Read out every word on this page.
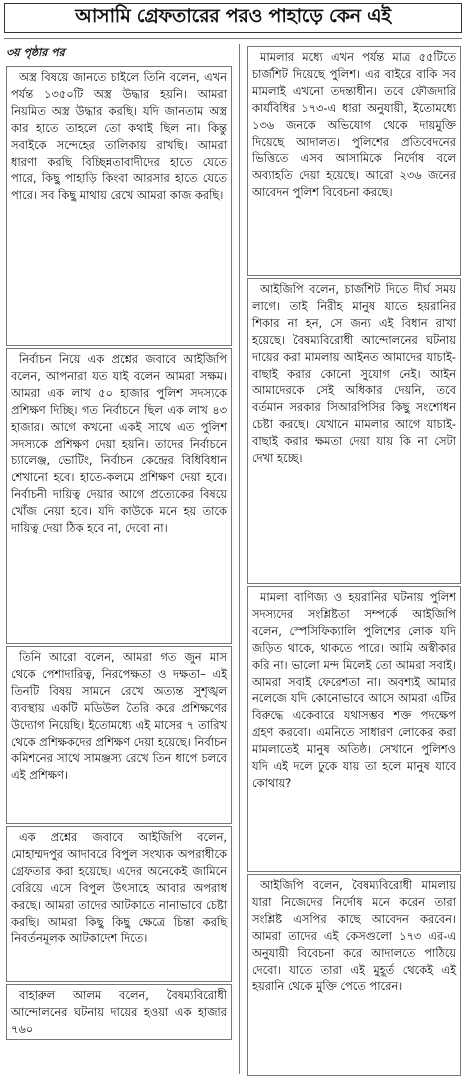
আসামি গ্রেফতারের পরও পাহাড়ে কেন এই

৩য় পৃষ্ঠার পর

অস্ত্র বিষয়ে জানতে চাইলে তিনি বলেন, এখন পর্যন্ত ১৩৫০টি অস্ত্র উদ্ধার হয়নি। আমরা নিয়মিত অস্ত্র উদ্ধার করছি। যদি জানতাম অস্ত্র কার হাতে তাহলে তো কথাই ছিল না। কিন্তু সবাইকে সন্দেহের তালিকায় রাখছি। আমরা ধারণা করছি বিচ্ছিন্নতাবাদীদের হাতে যেতে পারে, কিছু পাহাড়ি কিংবা আরসার হাতে যেতে পারে। সব কিছু মাথায় রেখে আমরা কাজ করছি।

নির্বাচন নিয়ে এক প্রশ্নের জবাবে আইজিপি বলেন, আপনারা যত যাই বলেন আমরা সক্ষম। আমরা এক লাখ ৫০ হাজার পুলিশ সদস্যকে প্রশিক্ষণ দিচ্ছি। গত নির্বাচনে ছিল এক লাখ ৪৩ হাজার। আগে কখনো একই সাথে এত পুলিশ সদস্যকে প্রশিক্ষণ দেয়া হয়নি। তাদের নির্বাচনে চ্যালেঞ্জ, ভোটিং, নির্বাচন কেন্দ্রের বিধিবিধান শেখানো হবে। হাতে-কলমে প্রশিক্ষণ দেয়া হবে। নির্বাচনী দায়িত্ব দেয়ার আগে প্রত্যেকের বিষয়ে খোঁজ নেয়া হবে। যদি কাউকে মনে হয় তাকে দায়িত্ব দেয়া ঠিক হবে না, দেবো না।

তিনি আরো বলেন, আমরা গত জুন মাস থেকে পেশাদারিত্ব, নিরপেক্ষতা ও দক্ষতা– এই তিনটি বিষয় সামনে রেখে অত্যন্ত সুশৃঙ্খল ব্যবস্থায় একটি মডিউল তৈরি করে প্রশিক্ষণের উদ্যোগ নিয়েছি। ইতোমধ্যে এই মাসের ৭ তারিখ থেকে প্রশিক্ষকদের প্রশিক্ষণ দেয়া হয়েছে। নির্বাচন কমিশনের সাথে সামঞ্জস্য রেখে তিন ধাপে চলবে এই প্রশিক্ষণ।

এক প্রশ্নের জবাবে আইজিপি বলেন, মোহাম্মদপুর আদাবরে বিপুল সংখ্যক অপরাধীকে গ্রেফতার করা হয়েছে। এদের অনেকেই জামিনে বেরিয়ে এসে বিপুল উৎসাহে আবার অপরাধ করছে। আমরা তাদের আটকাতে নানাভাবে চেষ্টা করছি। আমরা কিছু কিছু ক্ষেত্রে চিন্তা করছি নিবর্তনমূলক আটকাদেশ দিতে।

বাহারুল আলম বলেন, বৈষম্যবিরোধী আন্দোলনের ঘটনায় দায়ের হওয়া এক হাজার ৭৬০

মামলার মধ্যে এখন পর্যন্ত মাত্র ৫৫টিতে চার্জশিট দিয়েছে পুলিশ। এর বাইরে বাকি সব মামলাই এখনো তদন্তাধীন। তবে ফৌজদারি কার্যবিধির ১৭৩-এ ধারা অনুযায়ী, ইতোমধ্যে ১৩৬ জনকে অভিযোগ থেকে দায়মুক্তি দিয়েছে আদালত। পুলিশের প্রতিবেদনের ভিত্তিতে এসব আসামিকে নির্দোষ বলে অব্যাহতি দেয়া হয়েছে। আরো ২৩৬ জনের আবেদন পুলিশ বিবেচনা করছে।

আইজিপি বলেন, চার্জশিট দিতে দীর্ঘ সময় লাগে। তাই নিরীহ মানুষ যাতে হয়রানির শিকার না হন, সে জন্য এই বিধান রাখা হয়েছে। বৈষম্যবিরোধী আন্দোলনের ঘটনায় দায়ের করা মামলায় আইনত আমাদের যাচাই-বাছাই করার কোনো সুযোগ নেই। আইন আমাদেরকে সেই অধিকার দেয়নি, তবে বর্তমান সরকার সিআরপিসির কিছু সংশোধন চেষ্টা করছে। যেখানে মামলার আগে যাচাই-বাছাই করার ক্ষমতা দেয়া যায় কি না সেটা দেখা হচ্ছে।

মামলা বাণিজ্য ও হয়রানির ঘটনায় পুলিশ সদস্যদের সংশ্লিষ্টতা সম্পর্কে আইজিপি বলেন, স্পেসিফিক্যালি পুলিশের লোক যদি জড়িত থাকে, থাকতে পারে। আমি অস্বীকার করি না। ভালো মন্দ মিলেই তো আমরা সবাই। আমরা সবাই ফেরেশতা না। অবশ্যই আমার নলেজে যদি কোনোভাবে আসে আমরা এটির বিরুদ্ধে একেবারে যথাসম্ভব শক্ত পদক্ষেপ গ্রহণ করবো। এমনিতে সাধারণ লোকের করা মামলাতেই মানুষ অতিষ্ঠ। সেখানে পুলিশও যদি এই দলে ঢুকে যায় তা হলে মানুষ যাবে কোথায়?

আইজিপি বলেন, বৈষম্যবিরোধী মামলায় যারা নিজেদের নির্দোষ মনে করেন তারা সংশ্লিষ্ট এসপির কাছে আবেদন করবেন। আমরা তাদের এই কেসগুলো ১৭৩ এর-এ অনুযায়ী বিবেচনা করে আদালতে পাঠিয়ে দেবো। যাতে তারা এই মুহূর্ত থেকেই এই হয়রানি থেকে মুক্তি পেতে পারেন।
